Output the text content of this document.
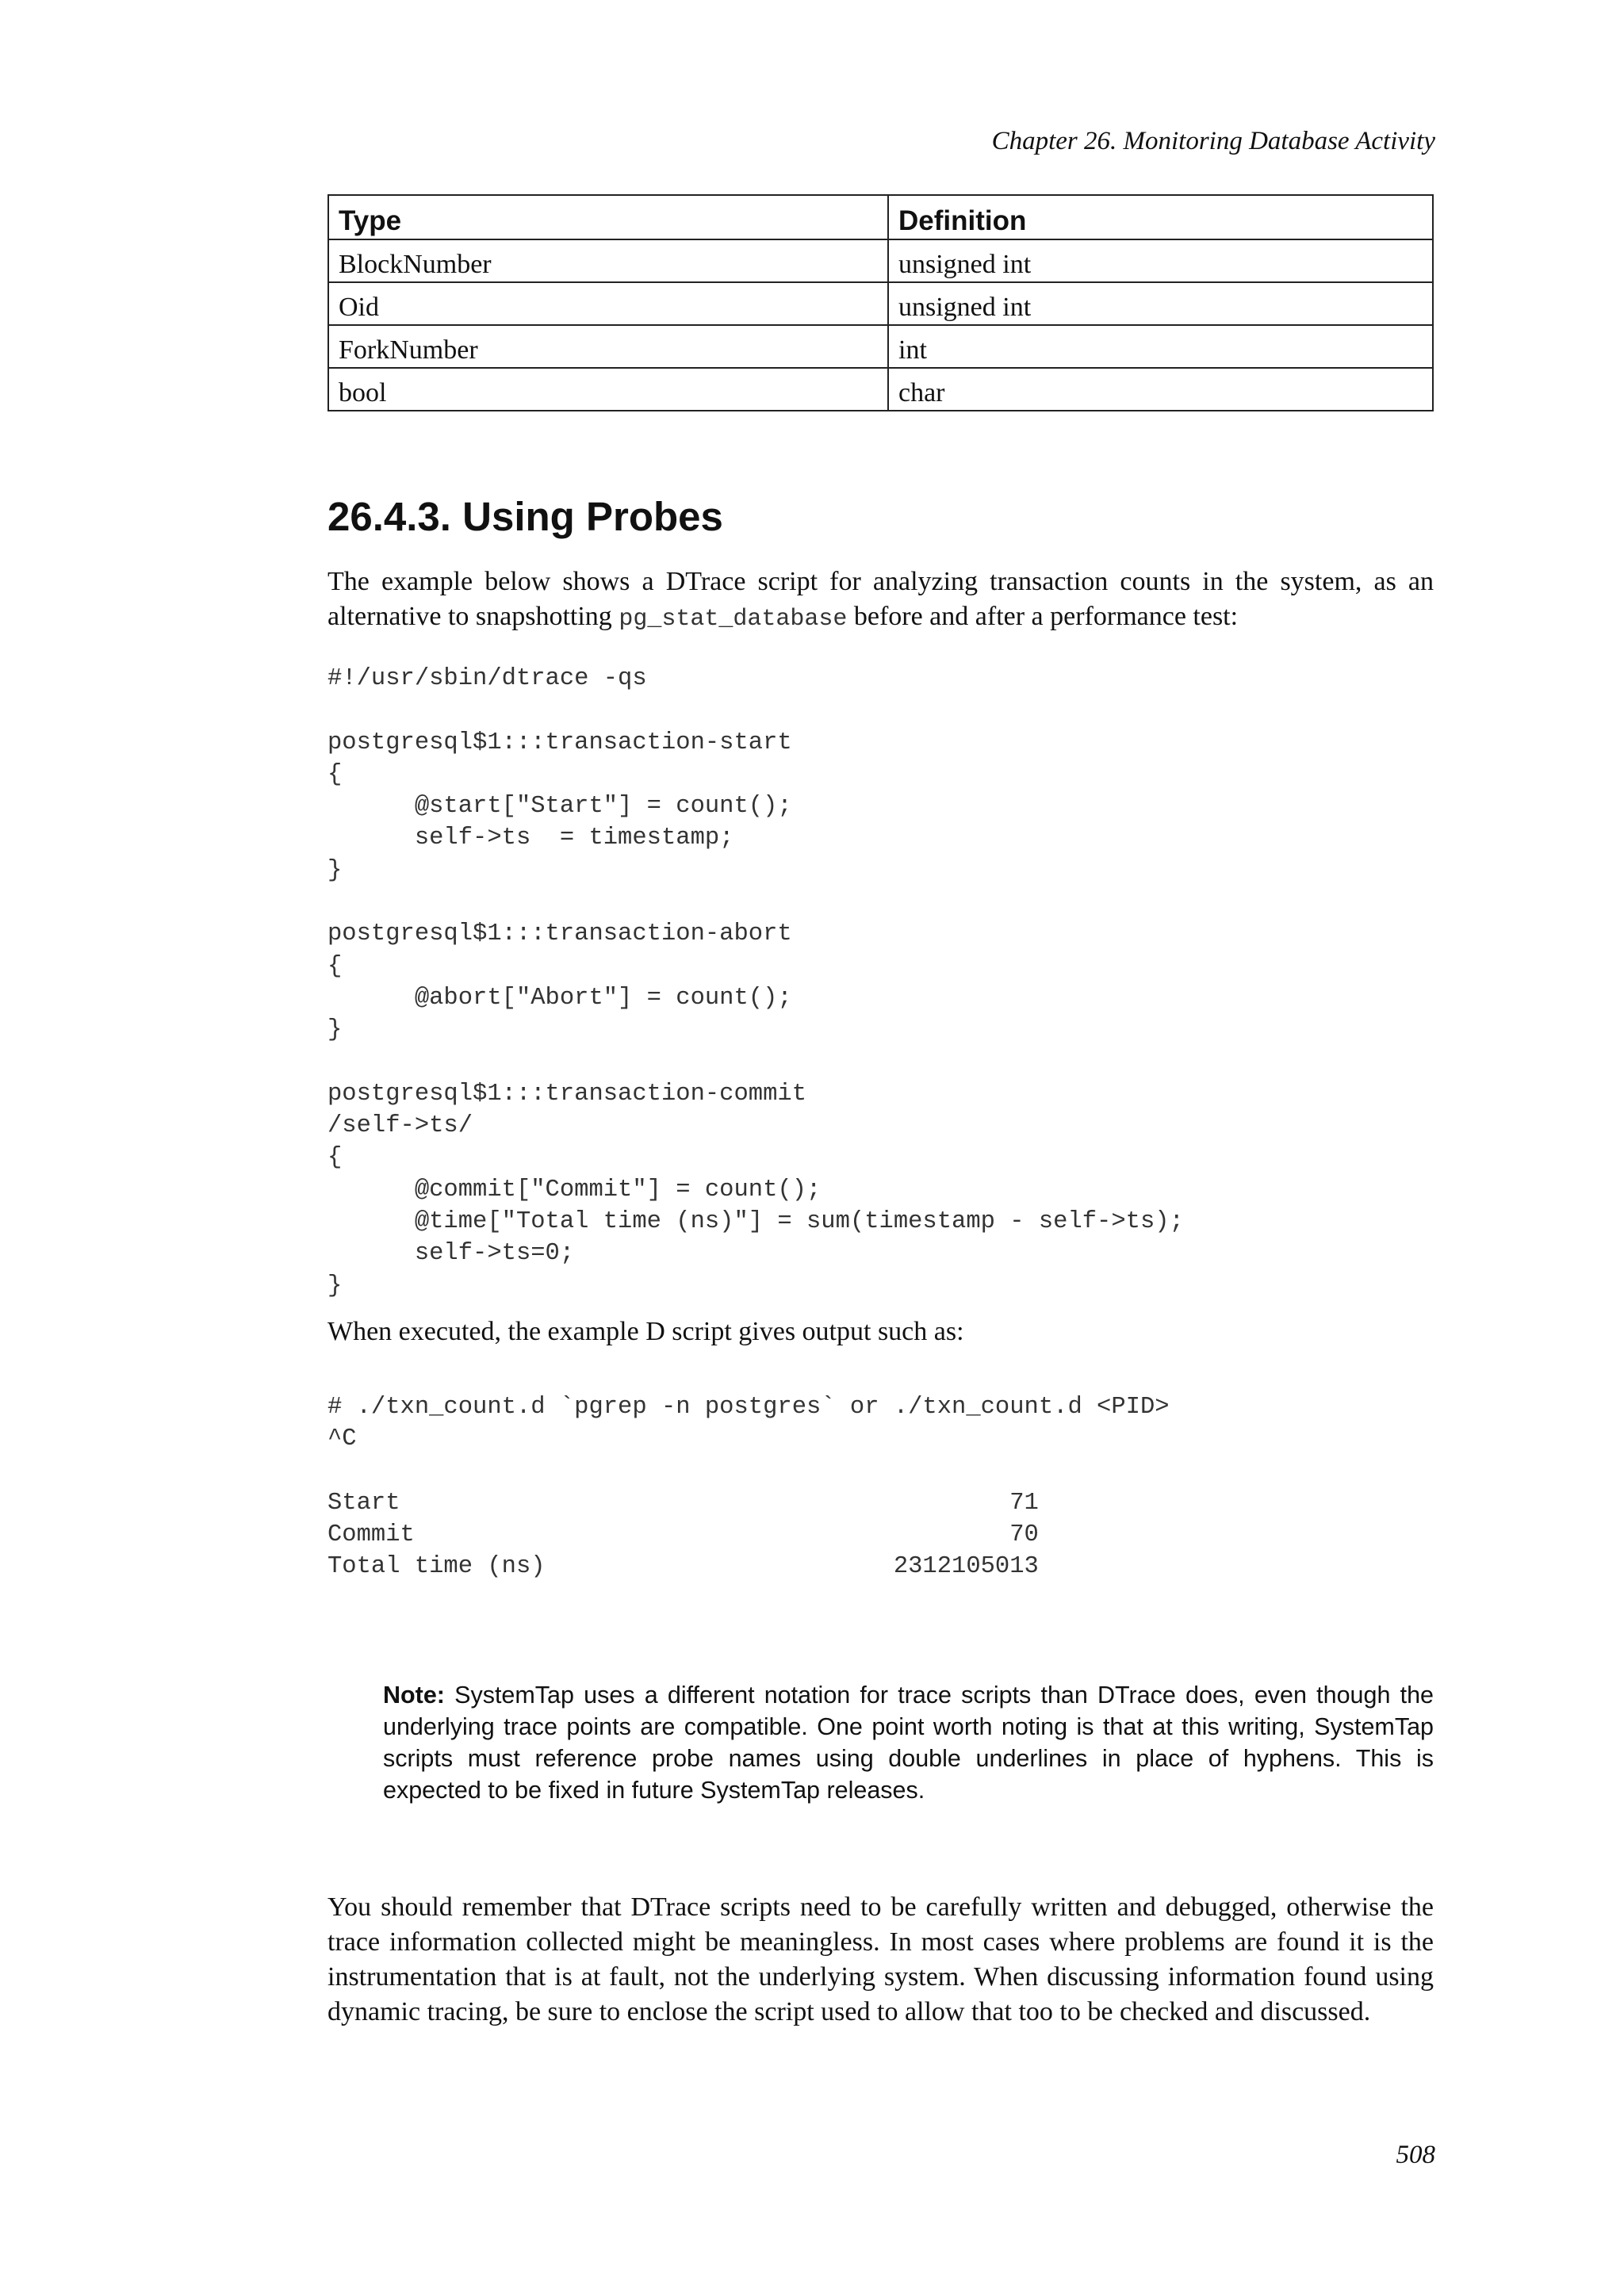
Chapter 26. Monitoring Database Activity
Type	Definition
BlockNumber	unsigned int
Oid	unsigned int
ForkNumber	int
bool	char
26.4.3. Using Probes

The example below shows a DTrace script for analyzing transaction counts in the system, as an alternative to snapshotting pg_stat_database before and after a performance test:

#!/usr/sbin/dtrace -qs

postgresql$1:::transaction-start
{
@start["Start"] = count();
self->ts  = timestamp;
}

postgresql$1:::transaction-abort
{
@abort["Abort"] = count();
}

postgresql$1:::transaction-commit
/self->ts/
{
@commit["Commit"] = count();
@time["Total time (ns)"] = sum(timestamp - self->ts);
self->ts=0;
}

When executed, the example D script gives output such as:

# ./txn_count.d `pgrep -n postgres` or ./txn_count.d <PID>
^C

Start                                          71
Commit                                         70
Total time (ns)                        2312105013

Note: SystemTap uses a different notation for trace scripts than DTrace does, even though the underlying trace points are compatible. One point worth noting is that at this writing, SystemTap scripts must reference probe names using double underlines in place of hyphens. This is expected to be fixed in future SystemTap releases.

You should remember that DTrace scripts need to be carefully written and debugged, otherwise the trace information collected might be meaningless. In most cases where problems are found it is the instrumentation that is at fault, not the underlying system. When discussing information found using dynamic tracing, be sure to enclose the script used to allow that too to be checked and discussed.

508
